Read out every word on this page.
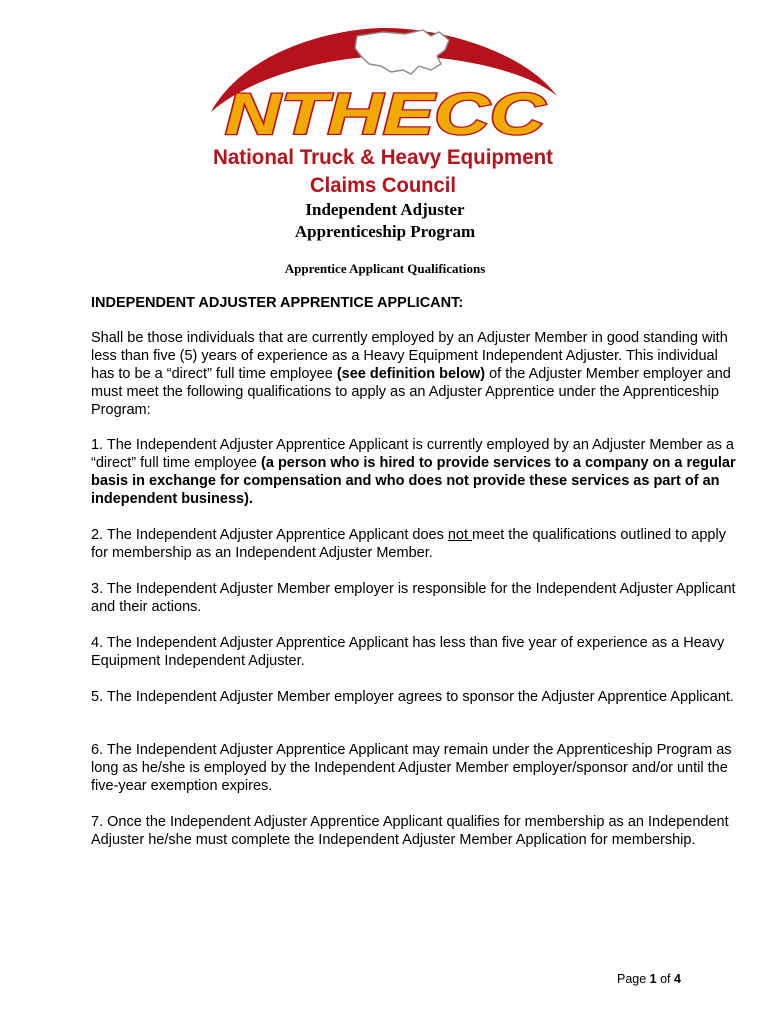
NTHECC
National Truck & Heavy Equipment
Claims Council
Independent Adjuster
Apprenticeship Program
Apprentice Applicant Qualifications
INDEPENDENT ADJUSTER APPRENTICE APPLICANT:

Shall be those individuals that are currently employed by an Adjuster Member in good standing with less than five (5) years of experience as a Heavy Equipment Independent Adjuster. This individual has to be a “direct” full time employee (see definition below) of the Adjuster Member employer and must meet the following qualifications to apply as an Adjuster Apprentice under the Apprenticeship Program:

1. The Independent Adjuster Apprentice Applicant is currently employed by an Adjuster Member as a “direct” full time employee (a person who is hired to provide services to a company on a regular basis in exchange for compensation and who does not provide these services as part of an independent business).

2. The Independent Adjuster Apprentice Applicant does not meet the qualifications outlined to apply for membership as an Independent Adjuster Member.

3. The Independent Adjuster Member employer is responsible for the Independent Adjuster Applicant and their actions.

4. The Independent Adjuster Apprentice Applicant has less than five year of experience as a Heavy Equipment Independent Adjuster.

5. The Independent Adjuster Member employer agrees to sponsor the Adjuster Apprentice Applicant.

6. The Independent Adjuster Apprentice Applicant may remain under the Apprenticeship Program as long as he/she is employed by the Independent Adjuster Member employer/sponsor and/or until the five-year exemption expires.

7. Once the Independent Adjuster Apprentice Applicant qualifies for membership as an Independent Adjuster he/she must complete the Independent Adjuster Member Application for membership.

Page 1 of 4
